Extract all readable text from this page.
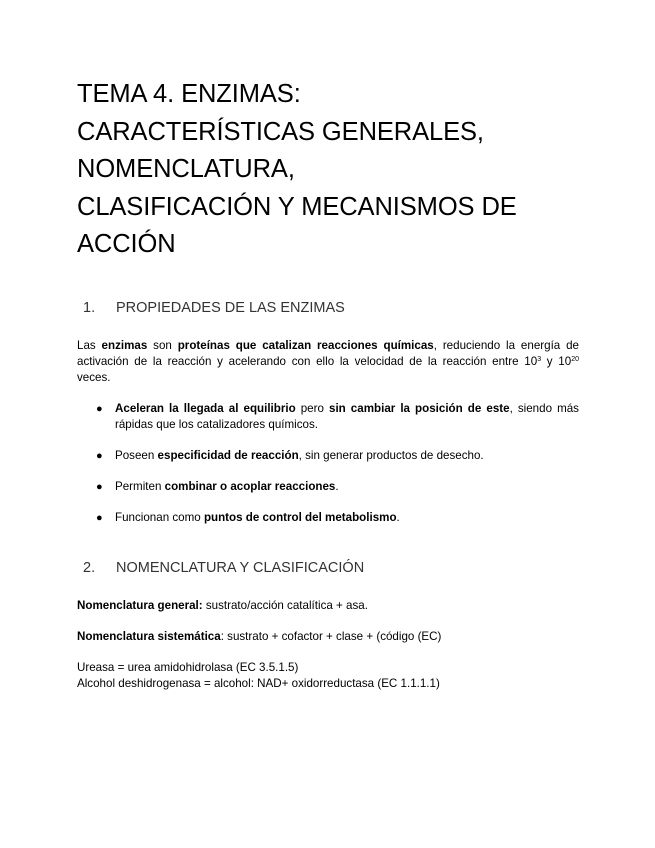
TEMA 4. ENZIMAS:
CARACTERÍSTICAS GENERALES,
NOMENCLATURA,
CLASIFICACIÓN Y MECANISMOS DE
ACCIÓN
1. PROPIEDADES DE LAS ENZIMAS

Las enzimas son proteínas que catalizan reacciones químicas, reduciendo la energía de
activación de la reacción y acelerando con ello la velocidad de la reacción entre $10^3$ y $10^{20}$
veces.

● Aceleran la llegada al equilibrio pero sin cambiar la posición de este, siendo más
rápidas que los catalizadores químicos.
● Poseen especificidad de reacción, sin generar productos de desecho.
● Permiten combinar o acoplar reacciones.
● Funcionan como puntos de control del metabolismo.
2. NOMENCLATURA Y CLASIFICACIÓN

Nomenclatura general: sustrato/acción catalítica + asa.

Nomenclatura sistemática: sustrato + cofactor + clase + (código (EC)

Ureasa = urea amidohidrolasa (EC 3.5.1.5)
Alcohol deshidrogenasa = alcohol: NAD+ oxidorreductasa (EC 1.1.1.1)
